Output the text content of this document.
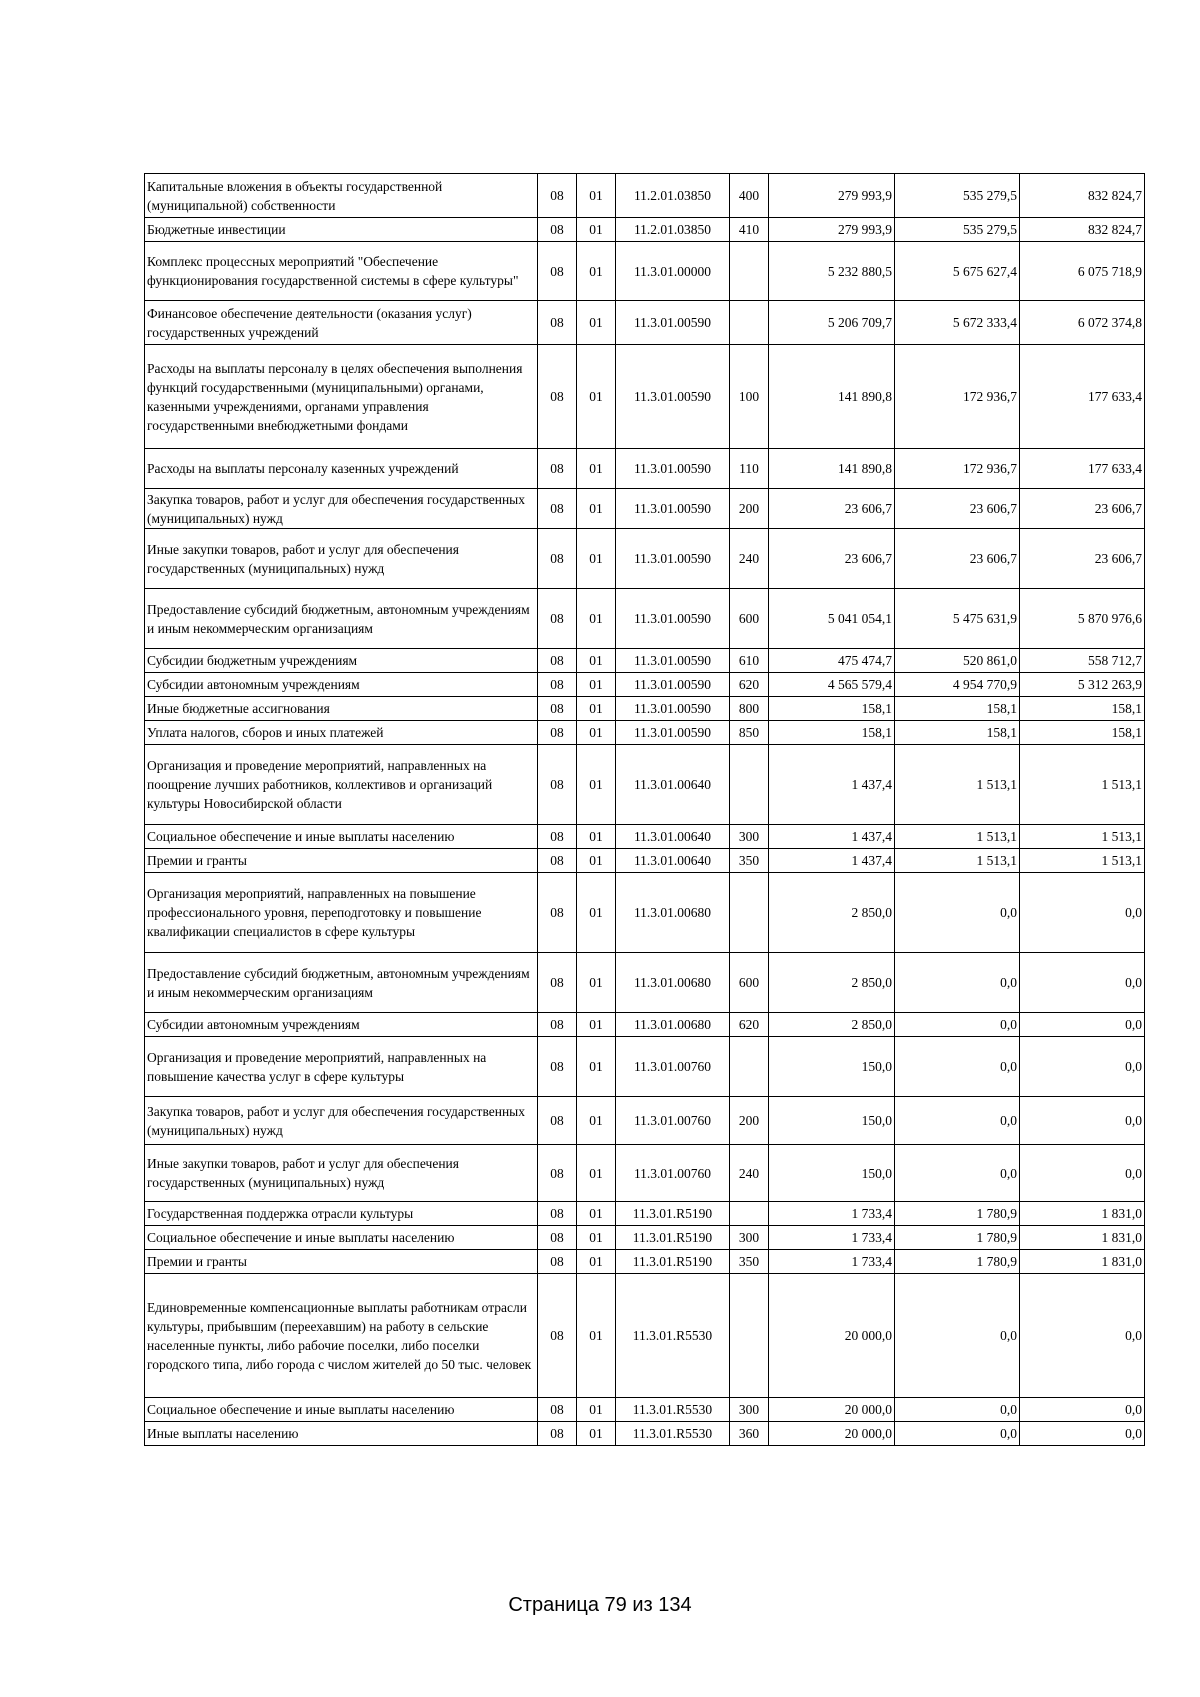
Капитальные вложения в объекты государственной (муниципальной) собственности	08	01	11.2.01.03850	400	279 993,9	535 279,5	832 824,7
Бюджетные инвестиции	08	01	11.2.01.03850	410	279 993,9	535 279,5	832 824,7
Комплекс процессных мероприятий "Обеспечение функционирования государственной системы в сфере культуры"	08	01	11.3.01.00000		5 232 880,5	5 675 627,4	6 075 718,9
Финансовое обеспечение деятельности (оказания услуг) государственных учреждений	08	01	11.3.01.00590		5 206 709,7	5 672 333,4	6 072 374,8
Расходы на выплаты персоналу в целях обеспечения выполнения функций государственными (муниципальными) органами, казенными учреждениями, органами управления государственными внебюджетными фондами	08	01	11.3.01.00590	100	141 890,8	172 936,7	177 633,4
Расходы на выплаты персоналу казенных учреждений	08	01	11.3.01.00590	110	141 890,8	172 936,7	177 633,4
Закупка товаров, работ и услуг для обеспечения государственных (муниципальных) нужд	08	01	11.3.01.00590	200	23 606,7	23 606,7	23 606,7
Иные закупки товаров, работ и услуг для обеспечения государственных (муниципальных) нужд	08	01	11.3.01.00590	240	23 606,7	23 606,7	23 606,7
Предоставление субсидий бюджетным, автономным учреждениям и иным некоммерческим организациям	08	01	11.3.01.00590	600	5 041 054,1	5 475 631,9	5 870 976,6
Субсидии бюджетным учреждениям	08	01	11.3.01.00590	610	475 474,7	520 861,0	558 712,7
Субсидии автономным учреждениям	08	01	11.3.01.00590	620	4 565 579,4	4 954 770,9	5 312 263,9
Иные бюджетные ассигнования	08	01	11.3.01.00590	800	158,1	158,1	158,1
Уплата налогов, сборов и иных платежей	08	01	11.3.01.00590	850	158,1	158,1	158,1
Организация и проведение мероприятий, направленных на поощрение лучших работников, коллективов и организаций культуры Новосибирской области	08	01	11.3.01.00640		1 437,4	1 513,1	1 513,1
Социальное обеспечение и иные выплаты населению	08	01	11.3.01.00640	300	1 437,4	1 513,1	1 513,1
Премии и гранты	08	01	11.3.01.00640	350	1 437,4	1 513,1	1 513,1
Организация мероприятий, направленных на повышение профессионального уровня, переподготовку и повышение квалификации специалистов в сфере культуры	08	01	11.3.01.00680		2 850,0	0,0	0,0
Предоставление субсидий бюджетным, автономным учреждениям и иным некоммерческим организациям	08	01	11.3.01.00680	600	2 850,0	0,0	0,0
Субсидии автономным учреждениям	08	01	11.3.01.00680	620	2 850,0	0,0	0,0
Организация и проведение мероприятий, направленных на повышение качества услуг в сфере культуры	08	01	11.3.01.00760		150,0	0,0	0,0
Закупка товаров, работ и услуг для обеспечения государственных (муниципальных) нужд	08	01	11.3.01.00760	200	150,0	0,0	0,0
Иные закупки товаров, работ и услуг для обеспечения государственных (муниципальных) нужд	08	01	11.3.01.00760	240	150,0	0,0	0,0
Государственная поддержка отрасли культуры	08	01	11.3.01.R5190		1 733,4	1 780,9	1 831,0
Социальное обеспечение и иные выплаты населению	08	01	11.3.01.R5190	300	1 733,4	1 780,9	1 831,0
Премии и гранты	08	01	11.3.01.R5190	350	1 733,4	1 780,9	1 831,0
Единовременные компенсационные выплаты работникам отрасли культуры, прибывшим (переехавшим) на работу в сельские населенные пункты, либо рабочие поселки, либо поселки городского типа, либо города с числом жителей до 50 тыс. человек	08	01	11.3.01.R5530		20 000,0	0,0	0,0
Социальное обеспечение и иные выплаты населению	08	01	11.3.01.R5530	300	20 000,0	0,0	0,0
Иные выплаты населению	08	01	11.3.01.R5530	360	20 000,0	0,0	0,0
Страница 79 из 134
